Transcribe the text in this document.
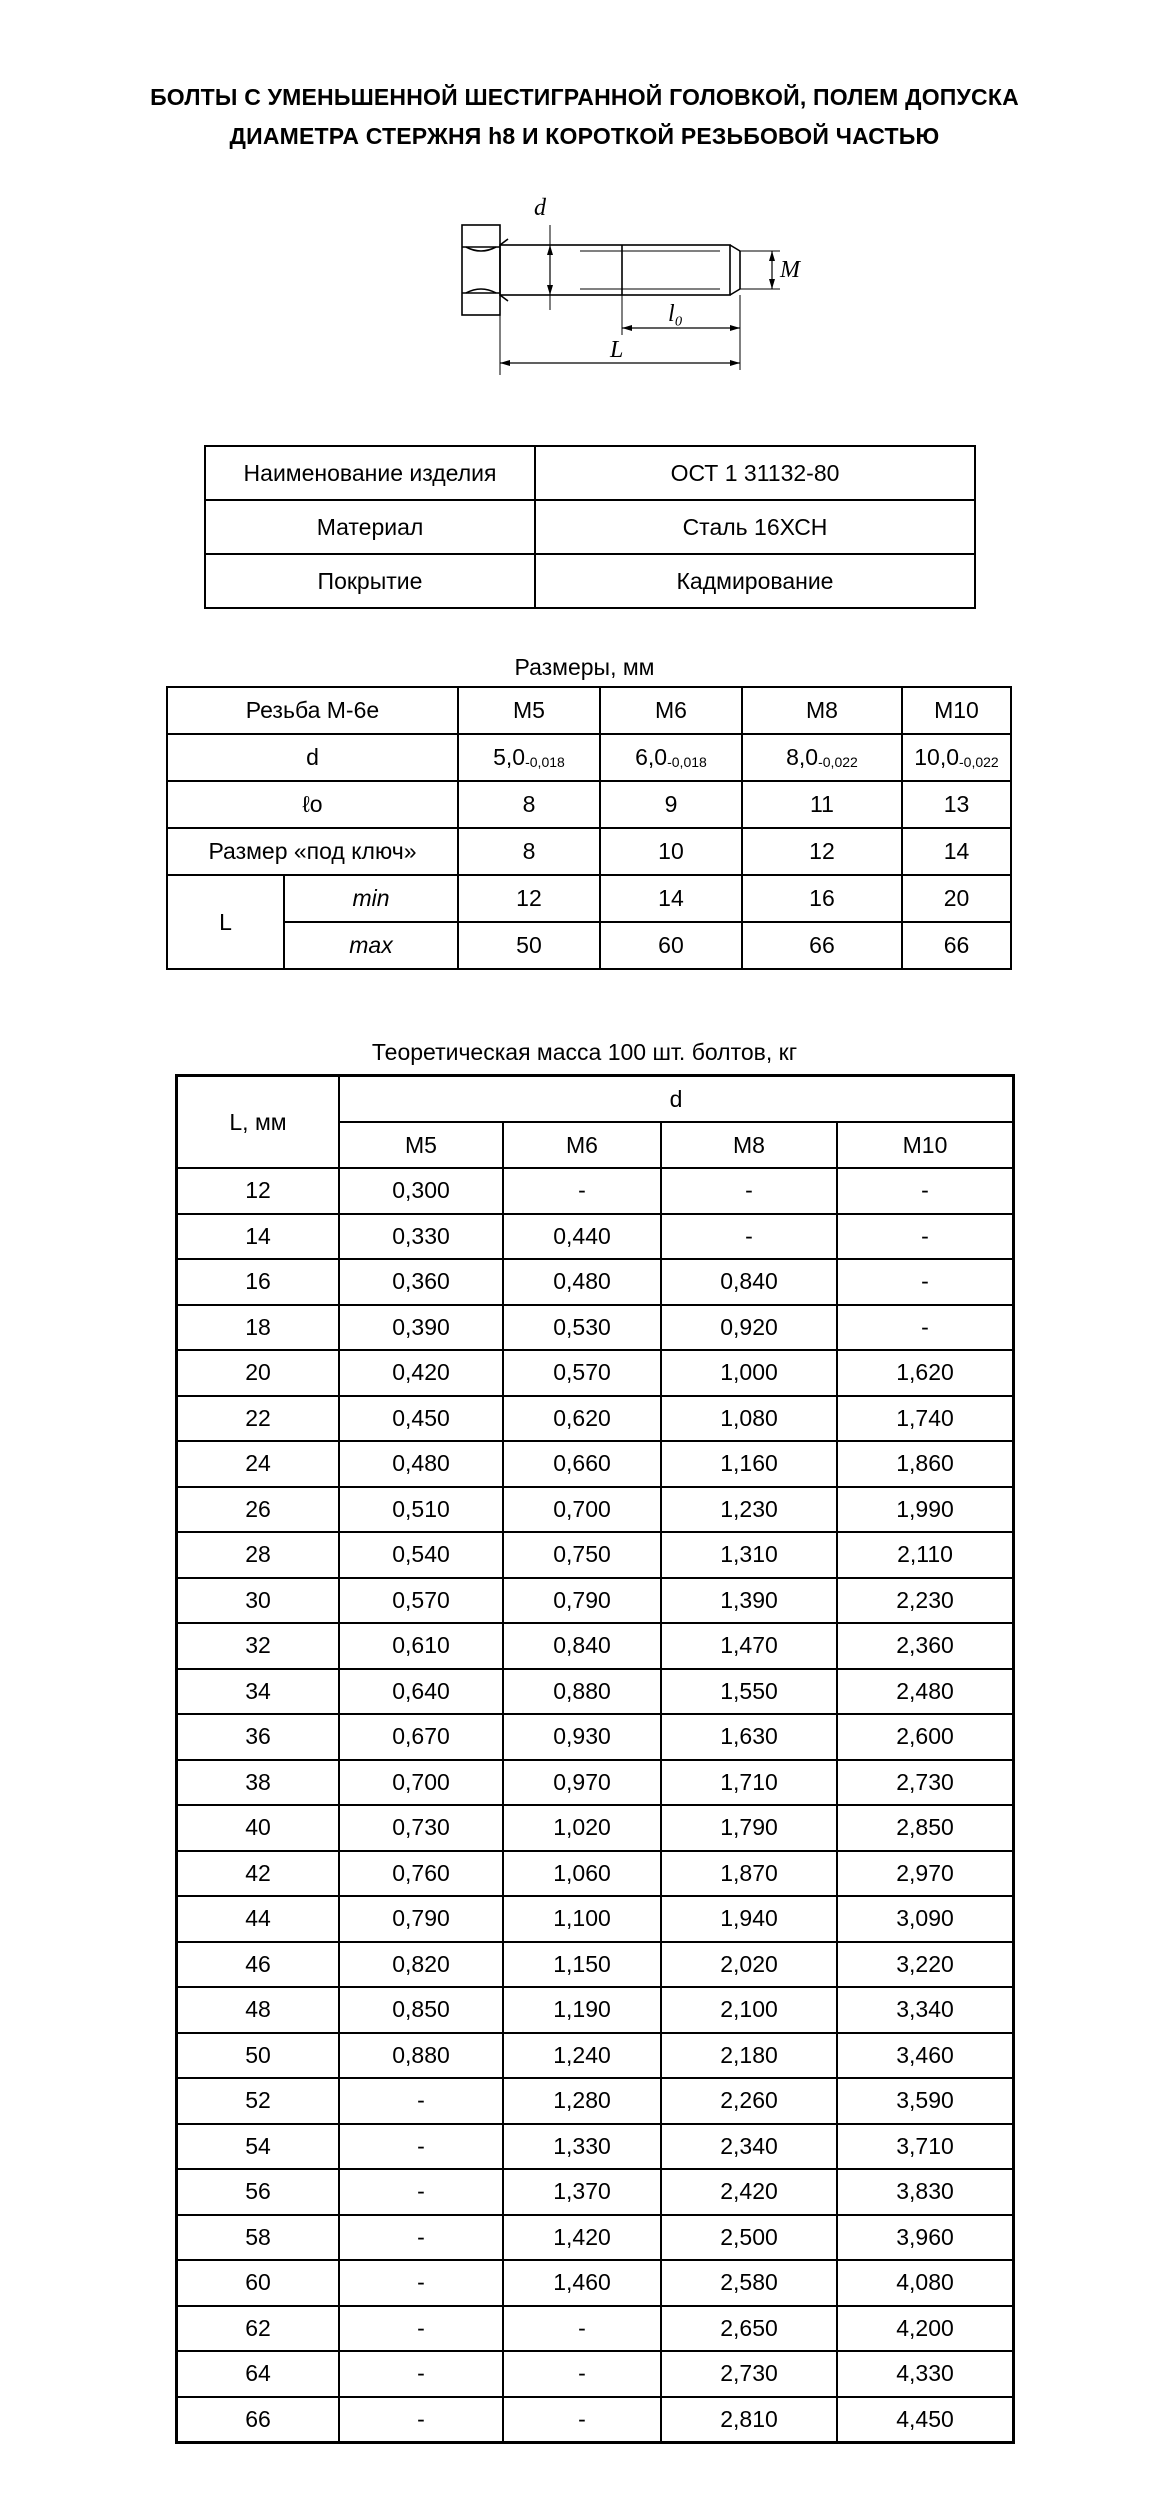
БОЛТЫ С УМЕНЬШЕННОЙ ШЕСТИГРАННОЙ ГОЛОВКОЙ, ПОЛЕМ ДОПУСКА
ДИАМЕТРА СТЕРЖНЯ h8 И КОРОТКОЙ РЕЗЬБОВОЙ ЧАСТЬЮ
d
M
l₀
L
Наименование изделия	ОСТ 1 31132-80
Материал	Сталь 16ХСН
Покрытие	Кадмирование
Размеры, мм
Резьба М-6е		M5	M6	M8	M10
d		$5,0_{-0,018}$	$6,0_{-0,018}$	$8,0_{-0,022}$	$10,0_{-0,022}$
ℓо		8	9	11	13
Размер «под ключ»		8	10	12	14
L	min	12	14	16	20
	max	50	60	66	66
Теоретическая масса 100 шт. болтов, кг
L, мм	d			
	M5	M6	M8	M10
12	0,300	-	-	-
14	0,330	0,440	-	-
16	0,360	0,480	0,840	-
18	0,390	0,530	0,920	-
20	0,420	0,570	1,000	1,620
22	0,450	0,620	1,080	1,740
24	0,480	0,660	1,160	1,860
26	0,510	0,700	1,230	1,990
28	0,540	0,750	1,310	2,110
30	0,570	0,790	1,390	2,230
32	0,610	0,840	1,470	2,360
34	0,640	0,880	1,550	2,480
36	0,670	0,930	1,630	2,600
38	0,700	0,970	1,710	2,730
40	0,730	1,020	1,790	2,850
42	0,760	1,060	1,870	2,970
44	0,790	1,100	1,940	3,090
46	0,820	1,150	2,020	3,220
48	0,850	1,190	2,100	3,340
50	0,880	1,240	2,180	3,460
52	-	1,280	2,260	3,590
54	-	1,330	2,340	3,710
56	-	1,370	2,420	3,830
58	-	1,420	2,500	3,960
60	-	1,460	2,580	4,080
62	-	-	2,650	4,200
64	-	-	2,730	4,330
66	-	-	2,810	4,450
